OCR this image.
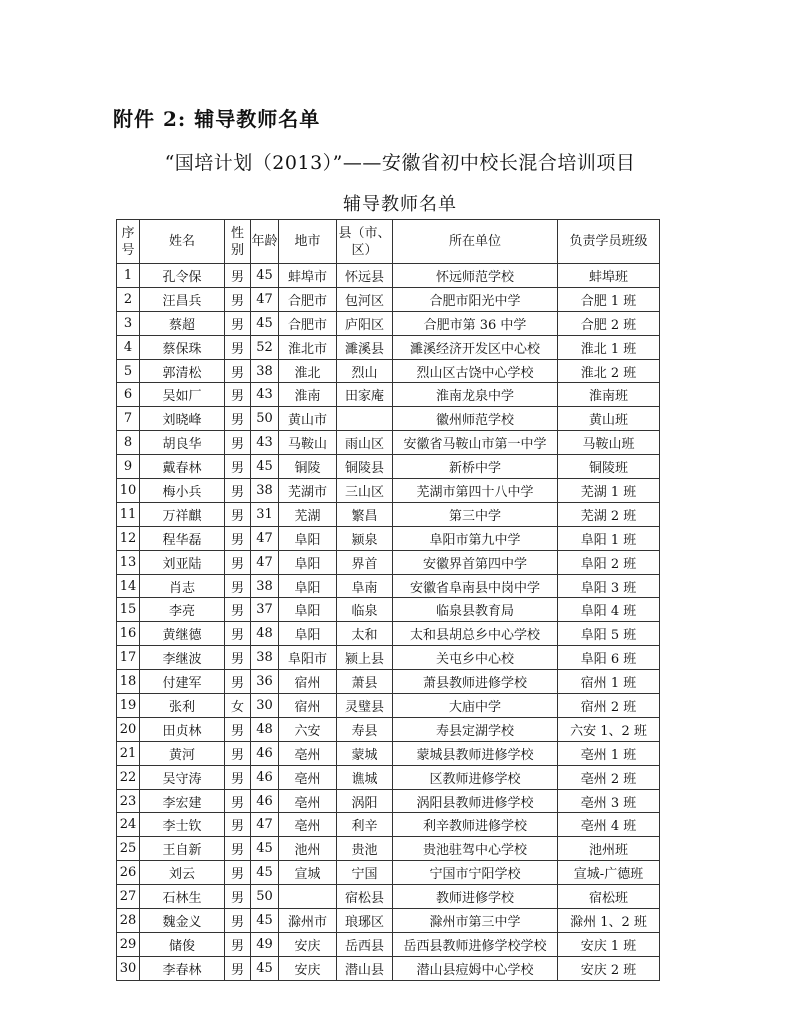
附件 2: 辅导教师名单
“国培计划（2013）”——安徽省初中校长混合培训项目
辅导教师名单
序号	姓名	性别	年龄	地市	县（市、区）	所在单位	负责学员班级
1	孔令保	男	45	蚌埠市	怀远县	怀远师范学校	蚌埠班
2	汪昌兵	男	47	合肥市	包河区	合肥市阳光中学	合肥 1 班
3	蔡超	男	45	合肥市	庐阳区	合肥市第 36 中学	合肥 2 班
4	蔡保珠	男	52	淮北市	濉溪县	濉溪经济开发区中心校	淮北 1 班
5	郭清松	男	38	淮北	烈山	烈山区古饶中心学校	淮北 2 班
6	吴如厂	男	43	淮南	田家庵	淮南龙泉中学	淮南班
7	刘晓峰	男	50	黄山市		徽州师范学校	黄山班
8	胡良华	男	43	马鞍山	雨山区	安徽省马鞍山市第一中学	马鞍山班
9	戴春林	男	45	铜陵	铜陵县	新桥中学	铜陵班
10	梅小兵	男	38	芜湖市	三山区	芜湖市第四十八中学	芜湖 1 班
11	万祥麒	男	31	芜湖	繁昌	第三中学	芜湖 2 班
12	程华磊	男	47	阜阳	颍泉	阜阳市第九中学	阜阳 1 班
13	刘亚陆	男	47	阜阳	界首	安徽界首第四中学	阜阳 2 班
14	肖志	男	38	阜阳	阜南	安徽省阜南县中岗中学	阜阳 3 班
15	李亮	男	37	阜阳	临泉	临泉县教育局	阜阳 4 班
16	黄继德	男	48	阜阳	太和	太和县胡总乡中心学校	阜阳 5 班
17	李继波	男	38	阜阳市	颍上县	关屯乡中心校	阜阳 6 班
18	付建军	男	36	宿州	萧县	萧县教师进修学校	宿州 1 班
19	张利	女	30	宿州	灵璧县	大庙中学	宿州 2 班
20	田贞林	男	48	六安	寿县	寿县定湖学校	六安 1、2 班
21	黄河	男	46	亳州	蒙城	蒙城县教师进修学校	亳州 1 班
22	吴守涛	男	46	亳州	谯城	区教师进修学校	亳州 2 班
23	李宏建	男	46	亳州	涡阳	涡阳县教师进修学校	亳州 3 班
24	李士钦	男	47	亳州	利辛	利辛教师进修学校	亳州 4 班
25	王自新	男	45	池州	贵池	贵池驻驾中心学校	池州班
26	刘云	男	45	宣城	宁国	宁国市宁阳学校	宣城-广德班
27	石林生	男	50		宿松县	教师进修学校	宿松班
28	魏金义	男	45	滁州市	琅琊区	滁州市第三中学	滁州 1、2 班
29	储俊	男	49	安庆	岳西县	岳西县教师进修学校学校	安庆 1 班
30	李春林	男	45	安庆	潜山县	潜山县痘姆中心学校	安庆 2 班
